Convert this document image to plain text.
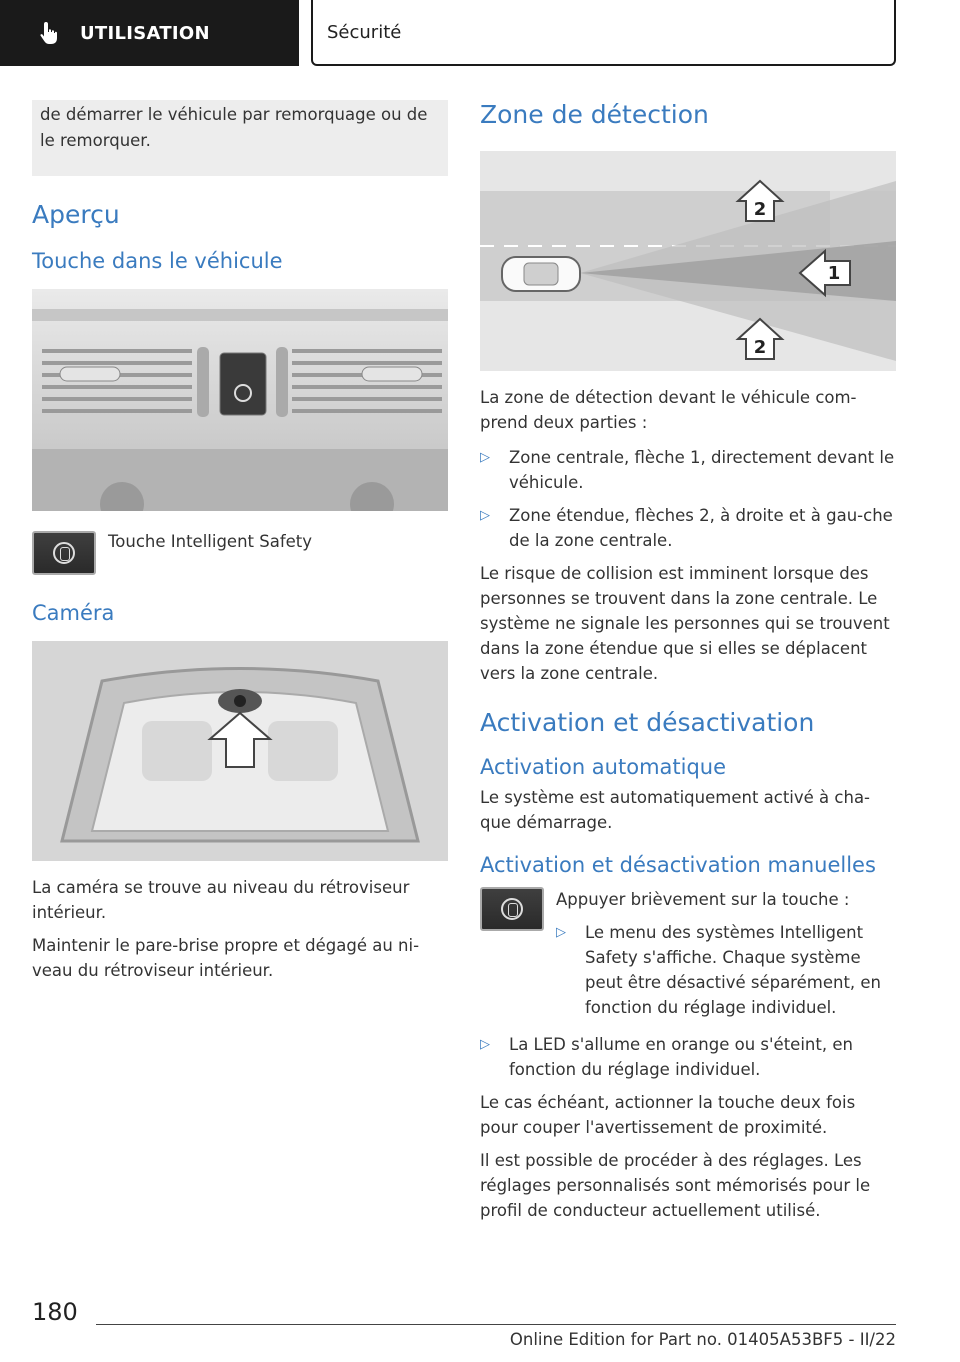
UTILISATION	Sécurité
de démarrer le véhicule par remorquage ou de le remorquer.
Aperçu
Touche dans le véhicule

Touche Intelligent Safety

Caméra

La caméra se trouve au niveau du rétroviseur intérieur.

Maintenir le pare-brise propre et dégagé au ni-veau du rétroviseur intérieur.

Zone de détection
2
1
2

La zone de détection devant le véhicule com-prend deux parties :

▷ Zone centrale, flèche 1, directement devant le véhicule.
▷ Zone étendue, flèches 2, à droite et à gau-che de la zone centrale.

Le risque de collision est imminent lorsque des personnes se trouvent dans la zone centrale. Le système ne signale les personnes qui se trouvent dans la zone étendue que si elles se déplacent vers la zone centrale.

Activation et désactivation
Activation automatique

Le système est automatiquement activé à cha-que démarrage.

Activation et désactivation manuelles

Appuyer brièvement sur la touche :

▷ Le menu des systèmes Intelligent Safety s'affiche. Chaque système peut être désactivé séparément, en fonction du réglage individuel.
▷ La LED s'allume en orange ou s'éteint, en fonction du réglage individuel.

Le cas échéant, actionner la touche deux fois pour couper l'avertissement de proximité.

Il est possible de procéder à des réglages. Les réglages personnalisés sont mémorisés pour le profil de conducteur actuellement utilisé.

180
Online Edition for Part no. 01405A53BF5 - II/22
